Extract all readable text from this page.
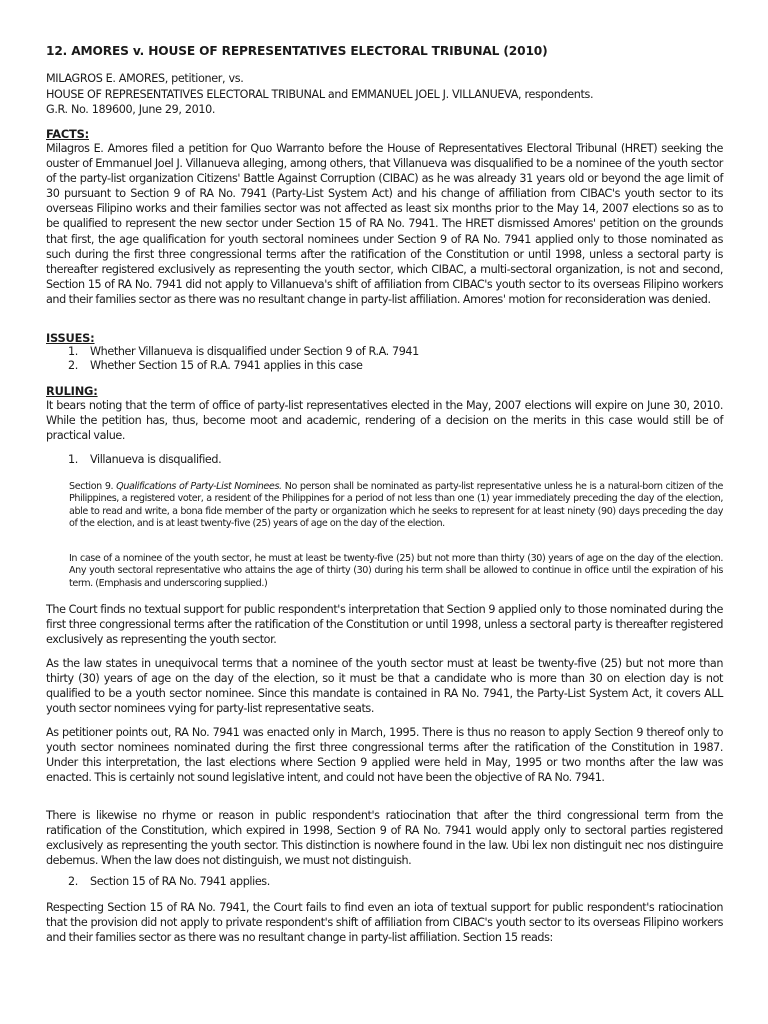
12. AMORES v. HOUSE OF REPRESENTATIVES ELECTORAL TRIBUNAL (2010)
MILAGROS E. AMORES, petitioner, vs.
HOUSE OF REPRESENTATIVES ELECTORAL TRIBUNAL and EMMANUEL JOEL J. VILLANUEVA, respondents.
G.R. No. 189600, June 29, 2010.
FACTS:
Milagros E. Amores filed a petition for Quo Warranto before the House of Representatives Electoral Tribunal (HRET) seeking the ouster of Emmanuel Joel J. Villanueva alleging, among others, that Villanueva was disqualified to be a nominee of the youth sector of the party-list organization Citizens' Battle Against Corruption (CIBAC) as he was already 31 years old or beyond the age limit of 30 pursuant to Section 9 of RA No. 7941 (Party-List System Act) and his change of affiliation from CIBAC's youth sector to its overseas Filipino works and their families sector was not affected as least six months prior to the May 14, 2007 elections so as to be qualified to represent the new sector under Section 15 of RA No. 7941. The HRET dismissed Amores' petition on the grounds that first, the age qualification for youth sectoral nominees under Section 9 of RA No. 7941 applied only to those nominated as such during the first three congressional terms after the ratification of the Constitution or until 1998, unless a sectoral party is thereafter registered exclusively as representing the youth sector, which CIBAC, a multi-sectoral organization, is not and second, Section 15 of RA No. 7941 did not apply to Villanueva's shift of affiliation from CIBAC's youth sector to its overseas Filipino workers and their families sector as there was no resultant change in party-list affiliation. Amores' motion for reconsideration was denied.
ISSUES:
1. Whether Villanueva is disqualified under Section 9 of R.A. 7941
2. Whether Section 15 of R.A. 7941 applies in this case
RULING:
It bears noting that the term of office of party-list representatives elected in the May, 2007 elections will expire on June 30, 2010. While the petition has, thus, become moot and academic, rendering of a decision on the merits in this case would still be of practical value.
1. Villanueva is disqualified.
Section 9. Qualifications of Party-List Nominees. No person shall be nominated as party-list representative unless he is a natural-born citizen of the Philippines, a registered voter, a resident of the Philippines for a period of not less than one (1) year immediately preceding the day of the election, able to read and write, a bona fide member of the party or organization which he seeks to represent for at least ninety (90) days preceding the day of the election, and is at least twenty-five (25) years of age on the day of the election.
In case of a nominee of the youth sector, he must at least be twenty-five (25) but not more than thirty (30) years of age on the day of the election. Any youth sectoral representative who attains the age of thirty (30) during his term shall be allowed to continue in office until the expiration of his term. (Emphasis and underscoring supplied.)
The Court finds no textual support for public respondent's interpretation that Section 9 applied only to those nominated during the first three congressional terms after the ratification of the Constitution or until 1998, unless a sectoral party is thereafter registered exclusively as representing the youth sector.
As the law states in unequivocal terms that a nominee of the youth sector must at least be twenty-five (25) but not more than thirty (30) years of age on the day of the election, so it must be that a candidate who is more than 30 on election day is not qualified to be a youth sector nominee. Since this mandate is contained in RA No. 7941, the Party-List System Act, it covers ALL youth sector nominees vying for party-list representative seats.
As petitioner points out, RA No. 7941 was enacted only in March, 1995. There is thus no reason to apply Section 9 thereof only to youth sector nominees nominated during the first three congressional terms after the ratification of the Constitution in 1987. Under this interpretation, the last elections where Section 9 applied were held in May, 1995 or two months after the law was enacted. This is certainly not sound legislative intent, and could not have been the objective of RA No. 7941.
There is likewise no rhyme or reason in public respondent's ratiocination that after the third congressional term from the ratification of the Constitution, which expired in 1998, Section 9 of RA No. 7941 would apply only to sectoral parties registered exclusively as representing the youth sector. This distinction is nowhere found in the law. Ubi lex non distinguit nec nos distinguire debemus. When the law does not distinguish, we must not distinguish.
2. Section 15 of RA No. 7941 applies.
Respecting Section 15 of RA No. 7941, the Court fails to find even an iota of textual support for public respondent's ratiocination that the provision did not apply to private respondent's shift of affiliation from CIBAC's youth sector to its overseas Filipino workers and their families sector as there was no resultant change in party-list affiliation. Section 15 reads:
